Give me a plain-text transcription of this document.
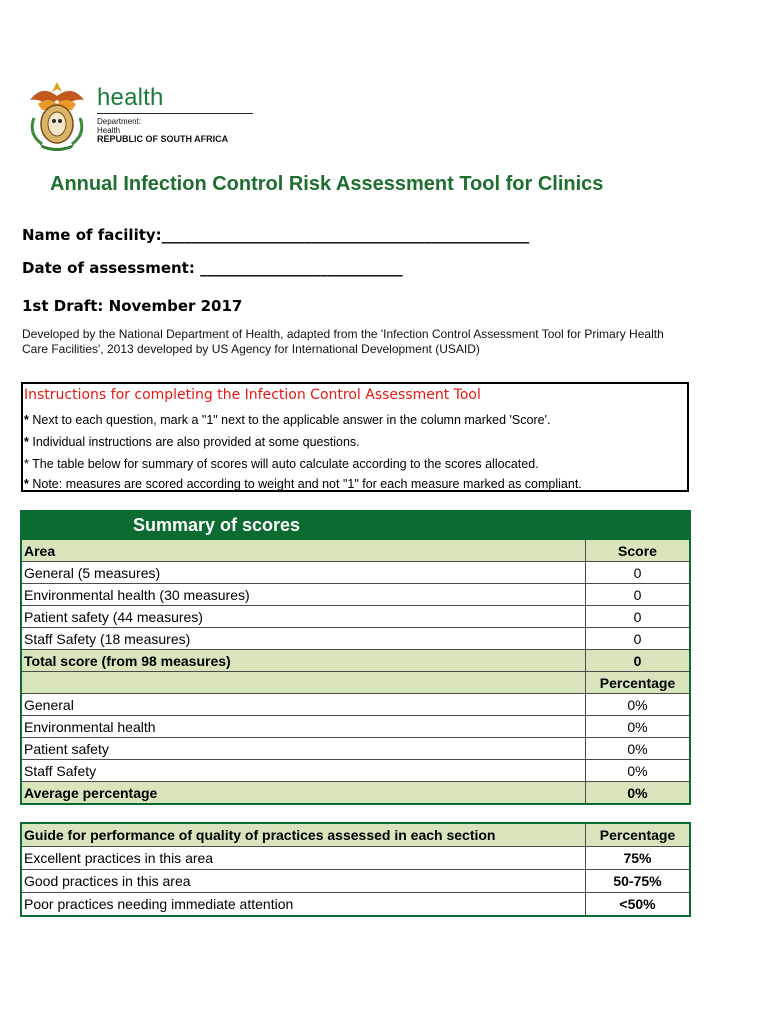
health
Department:
Health
REPUBLIC OF SOUTH AFRICA
Annual Infection Control Risk Assessment Tool for Clinics
Name of facility:_________________________________________________
Date of assessment: ___________________________
1st Draft: November 2017
Developed by the National Department of Health, adapted from the 'Infection Control Assessment Tool for Primary Health Care Facilities', 2013 developed by US Agency for International Development (USAID)
Instructions for completing the Infection Control Assessment Tool
* Next to each question, mark a "1" next to the applicable answer in the column marked 'Score'.
* Individual instructions are also provided at some questions.
* The table below for summary of scores will auto calculate according to the scores allocated.
* Note: measures are scored according to weight and not "1" for each measure marked as compliant.
Summary of scores	
Area	Score
General (5 measures)	0
Environmental health (30 measures)	0
Patient safety (44 measures)	0
Staff Safety (18 measures)	0
Total score (from 98 measures)	0
	Percentage
General	0%
Environmental health	0%
Patient safety	0%
Staff Safety	0%
Average percentage	0%
Guide for performance of quality of practices assessed in each section	Percentage
Excellent practices in this area	75%
Good practices in this area	50-75%
Poor practices needing immediate attention	<50%
